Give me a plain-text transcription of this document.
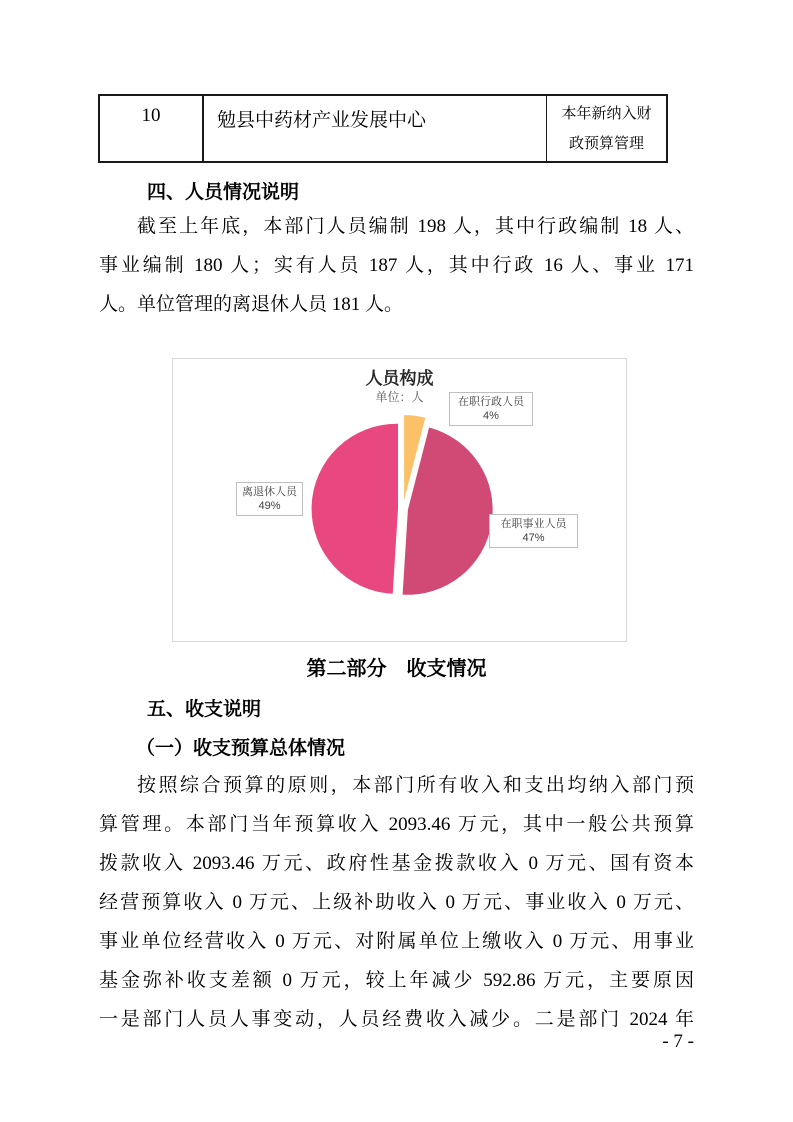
10	勉县中药材产业发展中心	本年新纳入财
政预算管理
四、人员情况说明
截至上年底，本部门人员编制 198 人，其中行政编制 18 人、
事业编制 180 人；实有人员 187 人，其中行政 16 人、事业 171
人。单位管理的离退休人员 181 人。
人员构成
单位：人	在职行政人员
4%
在职事业人员
47%
离退休人员
49%
第二部分　收支情况
五、收支说明
（一）收支预算总体情况
按照综合预算的原则，本部门所有收入和支出均纳入部门预
算管理。本部门当年预算收入 2093.46 万元，其中一般公共预算
拨款收入 2093.46 万元、政府性基金拨款收入 0 万元、国有资本
经营预算收入 0 万元、上级补助收入 0 万元、事业收入 0 万元、
事业单位经营收入 0 万元、对附属单位上缴收入 0 万元、用事业
基金弥补收支差额 0 万元，较上年减少 592.86 万元，主要原因
一是部门人员人事变动，人员经费收入减少。二是部门 2024 年
- 7 -
